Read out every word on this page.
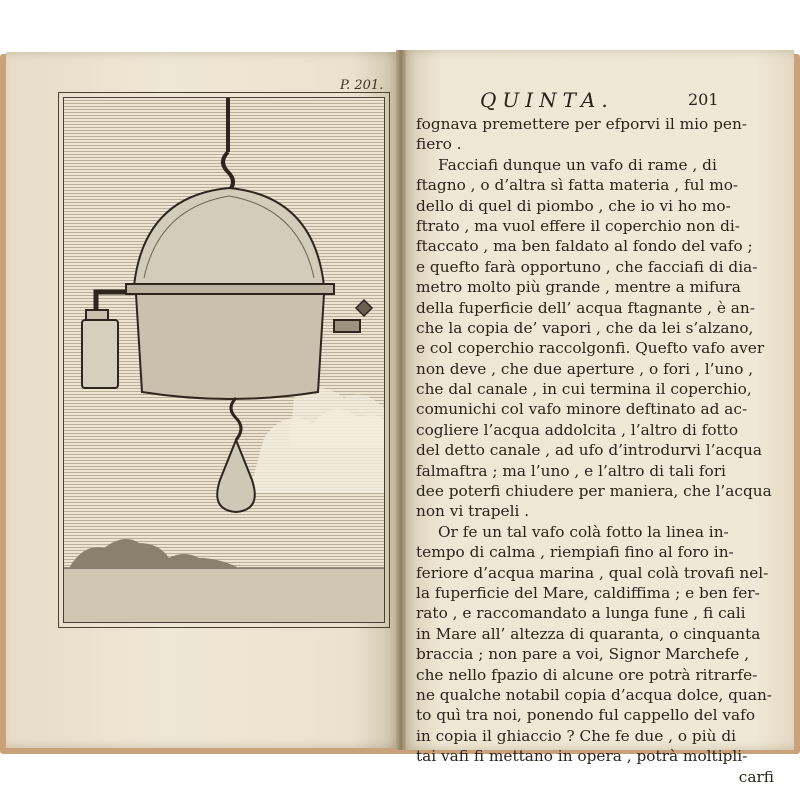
P. 201.
QUINTA.	201
fognava premettere per efporvi il mio pen-
fiero .
Facciafi dunque un vafo di rame , di
ftagno , o d’altra sì fatta materia , ful mo-
dello di quel di piombo , che io vi ho mo-
ftrato , ma vuol effere il coperchio non di-
ftaccato , ma ben faldato al fondo del vafo ;
e quefto farà opportuno , che facciafi di dia-
metro molto più grande , mentre a mifura
della fuperficie dell’ acqua ftagnante , è an-
che la copia de’ vapori , che da lei s’alzano,
e col coperchio raccolgonfi. Quefto vafo aver
non deve , che due aperture , o fori , l’uno ,
che dal canale , in cui termina il coperchio,
comunichi col vafo minore deftinato ad ac-
cogliere l’acqua addolcita , l’altro di fotto
del detto canale , ad ufo d’introdurvi l’acqua
falmaftra ; ma l’uno , e l’altro di tali fori
dee poterfi chiudere per maniera, che l’acqua
non vi trapeli .
Or fe un tal vafo colà fotto la linea in-
tempo di calma , riempiafi fino al foro in-
feriore d’acqua marina , qual colà trovafi nel-
la fuperficie del Mare, caldiffima ; e ben fer-
rato , e raccomandato a lunga fune , fi cali
in Mare all’ altezza di quaranta, o cinquanta
braccia ; non pare a voi, Signor Marchefe ,
che nello fpazio di alcune ore potrà ritrarfe-
ne qualche notabil copia d’acqua dolce, quan-
to quì tra noi, ponendo ful cappello del vafo
in copia il ghiaccio ? Che fe due , o più di
tai vafi fi mettano in opera , potrà moltipli-
carfi
